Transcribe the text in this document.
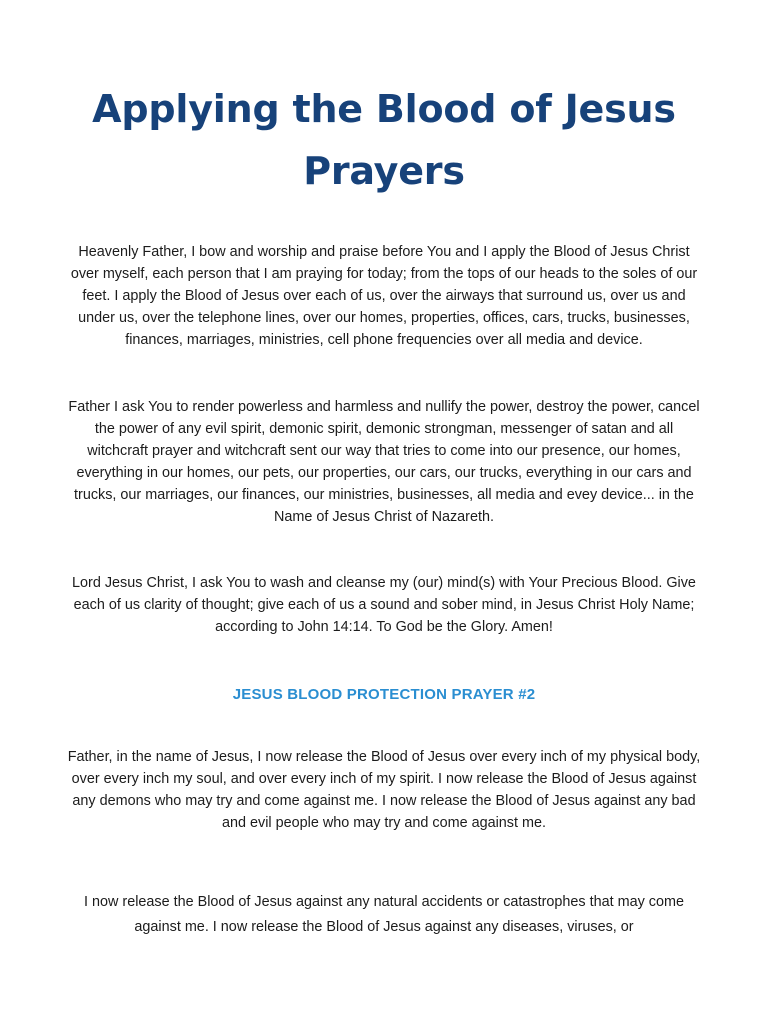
Applying the Blood of Jesus Prayers

Heavenly Father, I bow and worship and praise before You and I apply the Blood of Jesus Christ over myself, each person that I am praying for today; from the tops of our heads to the soles of our feet. I apply the Blood of Jesus over each of us, over the airways that surround us, over us and under us, over the telephone lines, over our homes, properties, offices, cars, trucks, businesses, finances, marriages, ministries, cell phone frequencies over all media and device.

Father I ask You to render powerless and harmless and nullify the power, destroy the power, cancel the power of any evil spirit, demonic spirit, demonic strongman, messenger of satan and all witchcraft prayer and witchcraft sent our way that tries to come into our presence, our homes, everything in our homes, our pets, our properties, our cars, our trucks, everything in our cars and trucks, our marriages, our finances, our ministries, businesses, all media and evey device... in the Name of Jesus Christ of Nazareth.

Lord Jesus Christ, I ask You to wash and cleanse my (our) mind(s) with Your Precious Blood. Give each of us clarity of thought; give each of us a sound and sober mind, in Jesus Christ Holy Name; according to John 14:14. To God be the Glory. Amen!

JESUS BLOOD PROTECTION PRAYER #2

Father, in the name of Jesus, I now release the Blood of Jesus over every inch of my physical body, over every inch my soul, and over every inch of my spirit. I now release the Blood of Jesus against any demons who may try and come against me. I now release the Blood of Jesus against any bad and evil people who may try and come against me.

I now release the Blood of Jesus against any natural accidents or catastrophes that may come against me. I now release the Blood of Jesus against any diseases, viruses, or
